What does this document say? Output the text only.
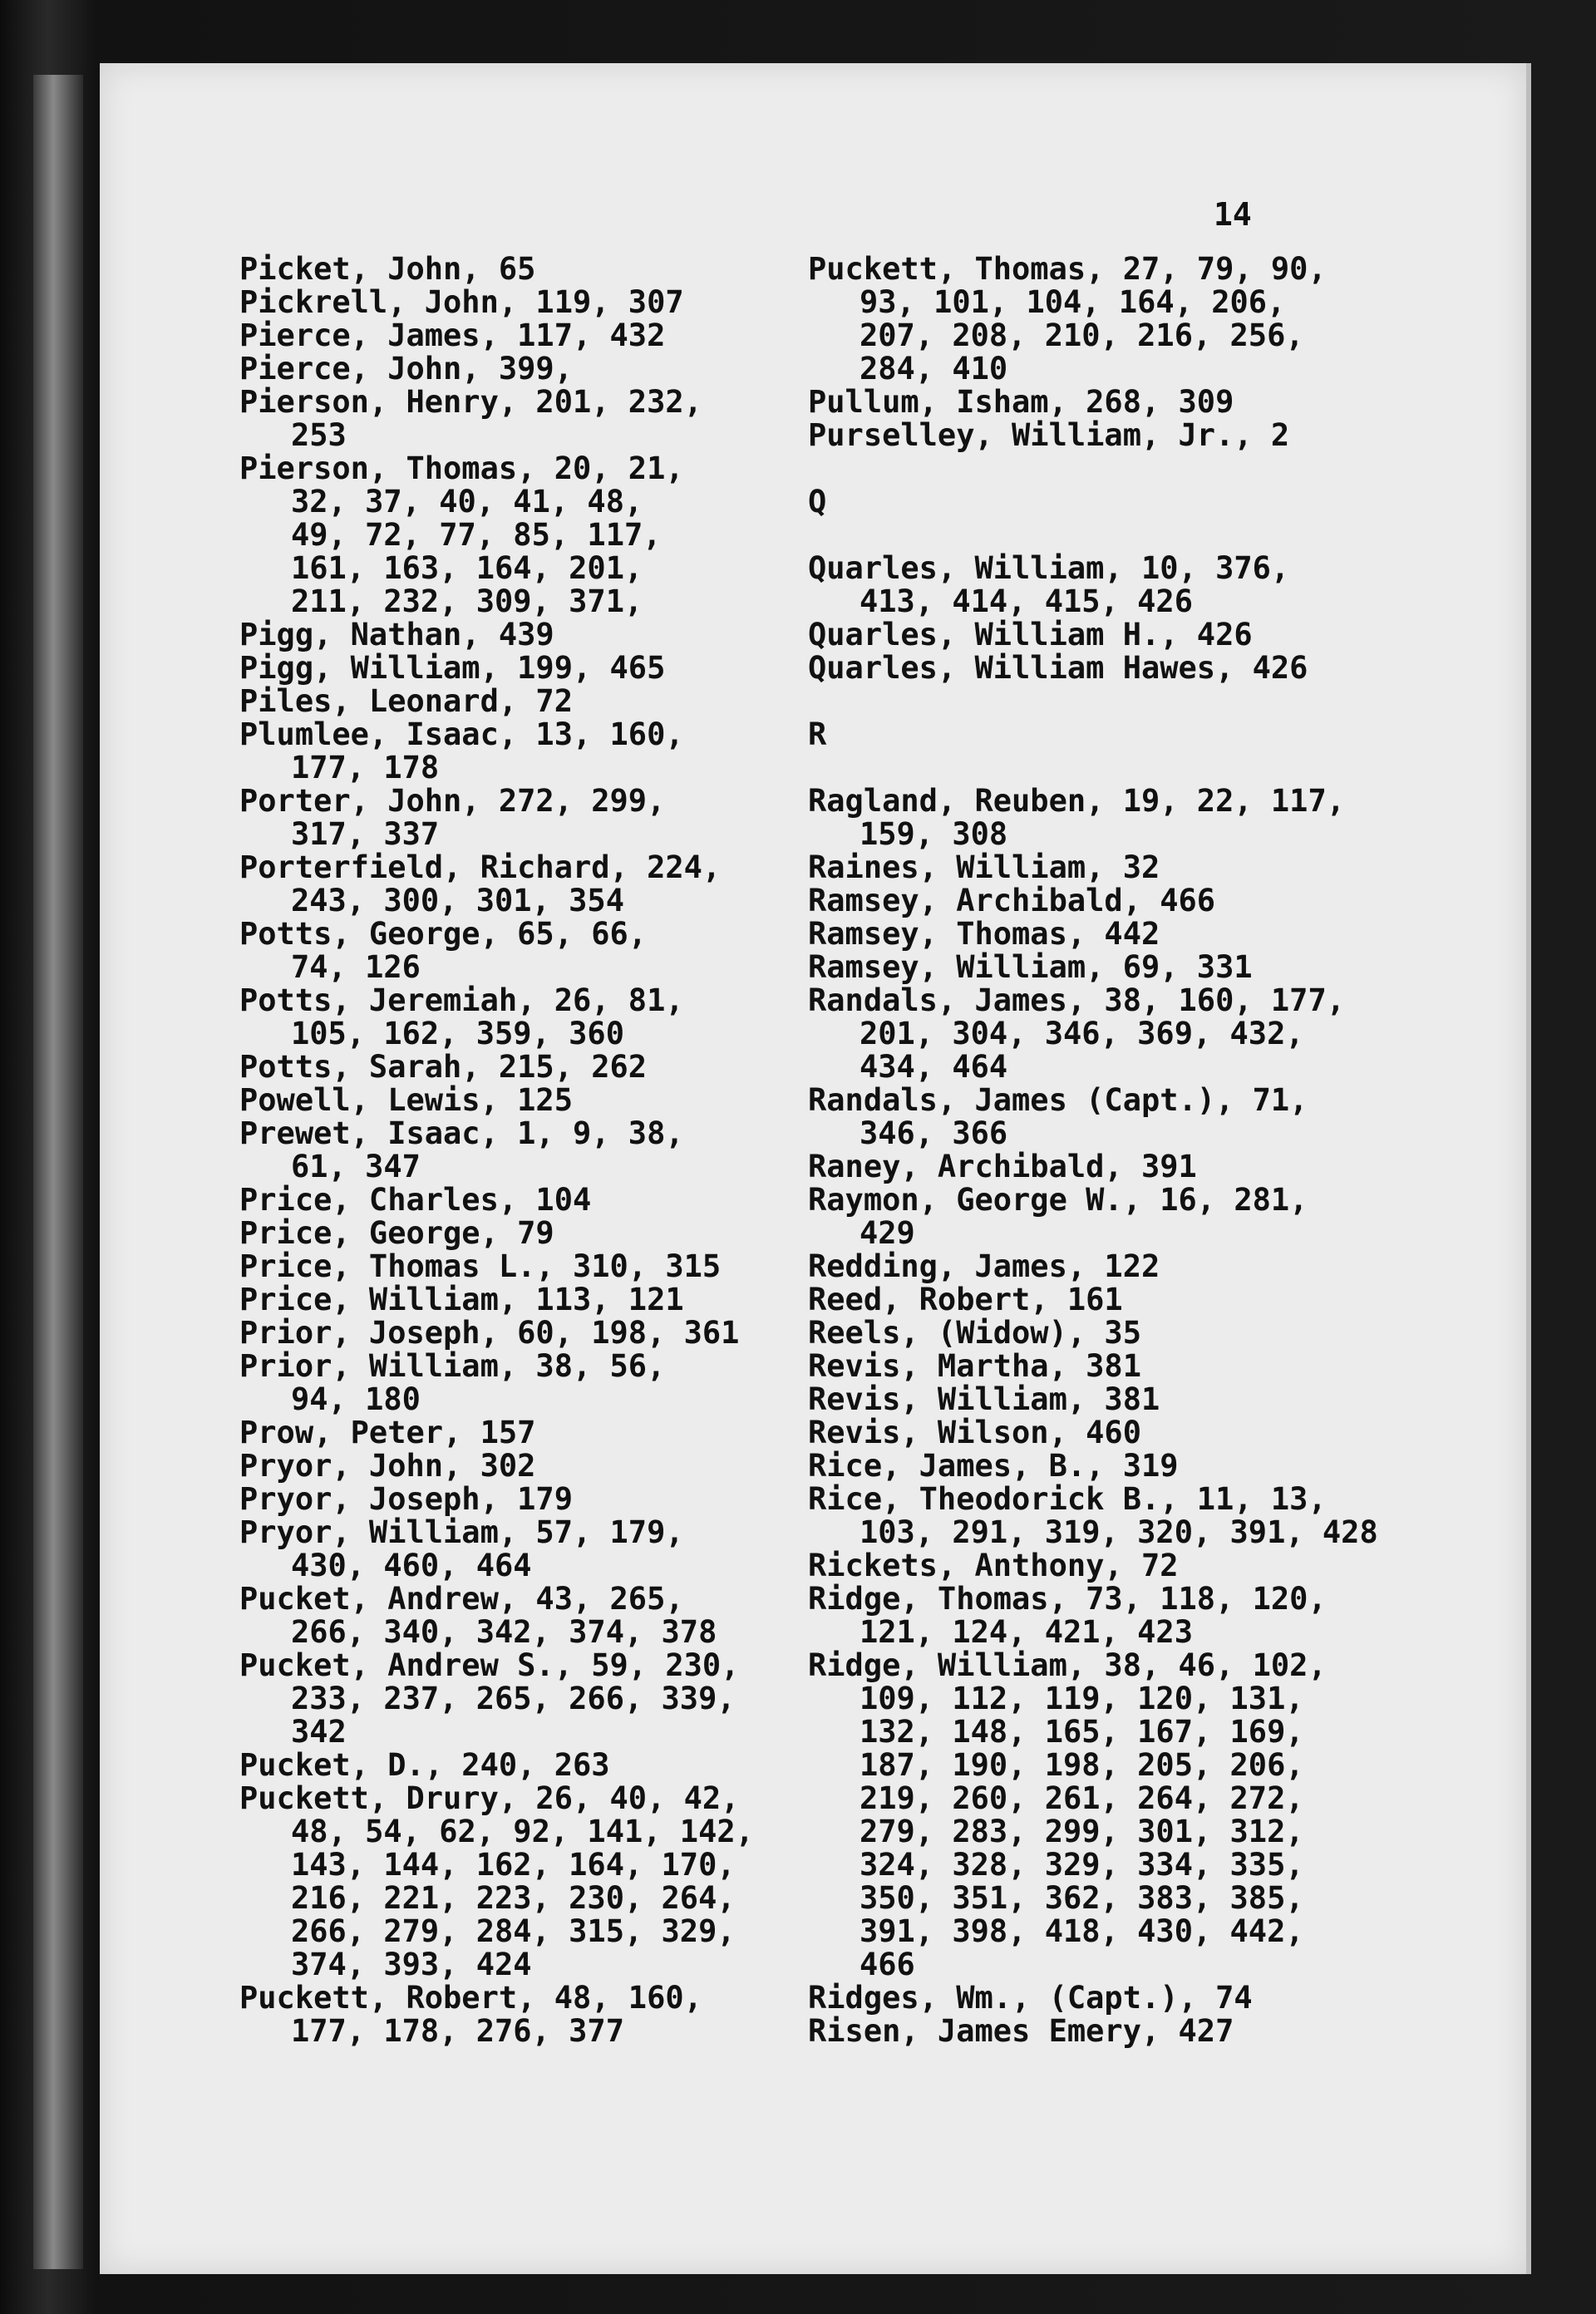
14
Picket, John, 65
Pickrell, John, 119, 307
Pierce, James, 117, 432
Pierce, John, 399,
Pierson, Henry, 201, 232,
253
Pierson, Thomas, 20, 21,
32, 37, 40, 41, 48,
49, 72, 77, 85, 117,
161, 163, 164, 201,
211, 232, 309, 371,
Pigg, Nathan, 439
Pigg, William, 199, 465
Piles, Leonard, 72
Plumlee, Isaac, 13, 160,
177, 178
Porter, John, 272, 299,
317, 337
Porterfield, Richard, 224,
243, 300, 301, 354
Potts, George, 65, 66,
74, 126
Potts, Jeremiah, 26, 81,
105, 162, 359, 360
Potts, Sarah, 215, 262
Powell, Lewis, 125
Prewet, Isaac, 1, 9, 38,
61, 347
Price, Charles, 104
Price, George, 79
Price, Thomas L., 310, 315
Price, William, 113, 121
Prior, Joseph, 60, 198, 361
Prior, William, 38, 56,
94, 180
Prow, Peter, 157
Pryor, John, 302
Pryor, Joseph, 179
Pryor, William, 57, 179,
430, 460, 464
Pucket, Andrew, 43, 265,
266, 340, 342, 374, 378
Pucket, Andrew S., 59, 230,
233, 237, 265, 266, 339,
342
Pucket, D., 240, 263
Puckett, Drury, 26, 40, 42,
48, 54, 62, 92, 141, 142,
143, 144, 162, 164, 170,
216, 221, 223, 230, 264,
266, 279, 284, 315, 329,
374, 393, 424
Puckett, Robert, 48, 160,
177, 178, 276, 377
Puckett, Thomas, 27, 79, 90,
93, 101, 104, 164, 206,
207, 208, 210, 216, 256,
284, 410
Pullum, Isham, 268, 309
Purselley, William, Jr., 2
Q
Quarles, William, 10, 376,
413, 414, 415, 426
Quarles, William H., 426
Quarles, William Hawes, 426
R
Ragland, Reuben, 19, 22, 117,
159, 308
Raines, William, 32
Ramsey, Archibald, 466
Ramsey, Thomas, 442
Ramsey, William, 69, 331
Randals, James, 38, 160, 177,
201, 304, 346, 369, 432,
434, 464
Randals, James (Capt.), 71,
346, 366
Raney, Archibald, 391
Raymon, George W., 16, 281,
429
Redding, James, 122
Reed, Robert, 161
Reels, (Widow), 35
Revis, Martha, 381
Revis, William, 381
Revis, Wilson, 460
Rice, James, B., 319
Rice, Theodorick B., 11, 13,
103, 291, 319, 320, 391, 428
Rickets, Anthony, 72
Ridge, Thomas, 73, 118, 120,
121, 124, 421, 423
Ridge, William, 38, 46, 102,
109, 112, 119, 120, 131,
132, 148, 165, 167, 169,
187, 190, 198, 205, 206,
219, 260, 261, 264, 272,
279, 283, 299, 301, 312,
324, 328, 329, 334, 335,
350, 351, 362, 383, 385,
391, 398, 418, 430, 442,
466
Ridges, Wm., (Capt.), 74
Risen, James Emery, 427
